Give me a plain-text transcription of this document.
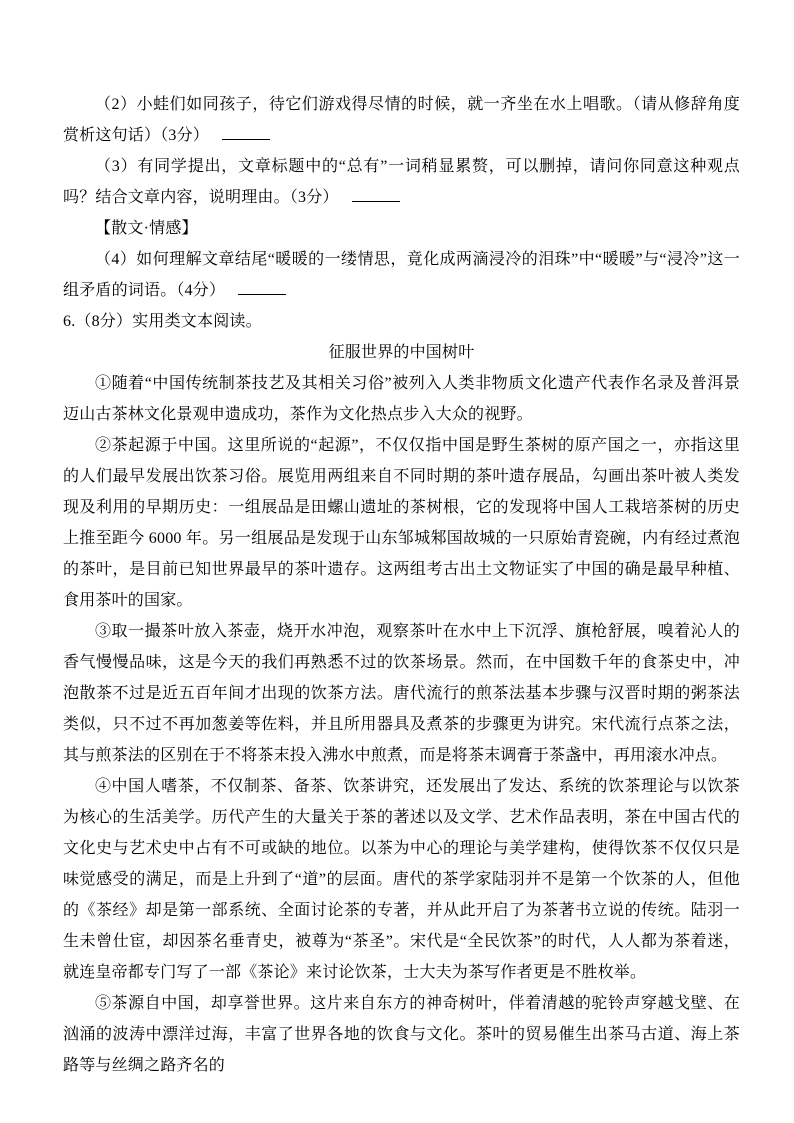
（2）小蛙们如同孩子，待它们游戏得尽情的时候，就一齐坐在水上唱歌。（请从修辞角度赏析这句话）（3分）

（3）有同学提出，文章标题中的“总有”一词稍显累赘，可以删掉，请问你同意这种观点吗？结合文章内容，说明理由。（3分）

【散文·情感】

（4）如何理解文章结尾“暖暖的一缕情思，竟化成两滴浸冷的泪珠”中“暖暖”与“浸冷”这一组矛盾的词语。（4分）

6.（8分）实用类文本阅读。

征服世界的中国树叶

①随着“中国传统制茶技艺及其相关习俗”被列入人类非物质文化遗产代表作名录及普洱景迈山古茶林文化景观申遗成功，茶作为文化热点步入大众的视野。

②茶起源于中国。这里所说的“起源”，不仅仅指中国是野生茶树的原产国之一，亦指这里的人们最早发展出饮茶习俗。展览用两组来自不同时期的茶叶遗存展品，勾画出茶叶被人类发现及利用的早期历史：一组展品是田螺山遗址的茶树根，它的发现将中国人工栽培茶树的历史上推至距今 6000 年。另一组展品是发现于山东邹城邾国故城的一只原始青瓷碗，内有经过煮泡的茶叶，是目前已知世界最早的茶叶遗存。这两组考古出土文物证实了中国的确是最早种植、食用茶叶的国家。

③取一撮茶叶放入茶壶，烧开水冲泡，观察茶叶在水中上下沉浮、旗枪舒展，嗅着沁人的香气慢慢品味，这是今天的我们再熟悉不过的饮茶场景。然而，在中国数千年的食茶史中，冲泡散茶不过是近五百年间才出现的饮茶方法。唐代流行的煎茶法基本步骤与汉晋时期的粥茶法类似，只不过不再加葱姜等佐料，并且所用器具及煮茶的步骤更为讲究。宋代流行点茶之法，其与煎茶法的区别在于不将茶末投入沸水中煎煮，而是将茶末调膏于茶盏中，再用滚水冲点。

④中国人嗜茶，不仅制茶、备茶、饮茶讲究，还发展出了发达、系统的饮茶理论与以饮茶为核心的生活美学。历代产生的大量关于茶的著述以及文学、艺术作品表明，茶在中国古代的文化史与艺术史中占有不可或缺的地位。以茶为中心的理论与美学建构，使得饮茶不仅仅只是味觉感受的满足，而是上升到了“道”的层面。唐代的茶学家陆羽并不是第一个饮茶的人，但他的《茶经》却是第一部系统、全面讨论茶的专著，并从此开启了为茶著书立说的传统。陆羽一生未曾仕宦，却因茶名垂青史，被尊为“茶圣”。宋代是“全民饮茶”的时代，人人都为茶着迷，就连皇帝都专门写了一部《茶论》来讨论饮茶，士大夫为茶写作者更是不胜枚举。

⑤茶源自中国，却享誉世界。这片来自东方的神奇树叶，伴着清越的驼铃声穿越戈壁、在汹涌的波涛中漂洋过海，丰富了世界各地的饮食与文化。茶叶的贸易催生出茶马古道、海上茶路等与丝绸之路齐名的
